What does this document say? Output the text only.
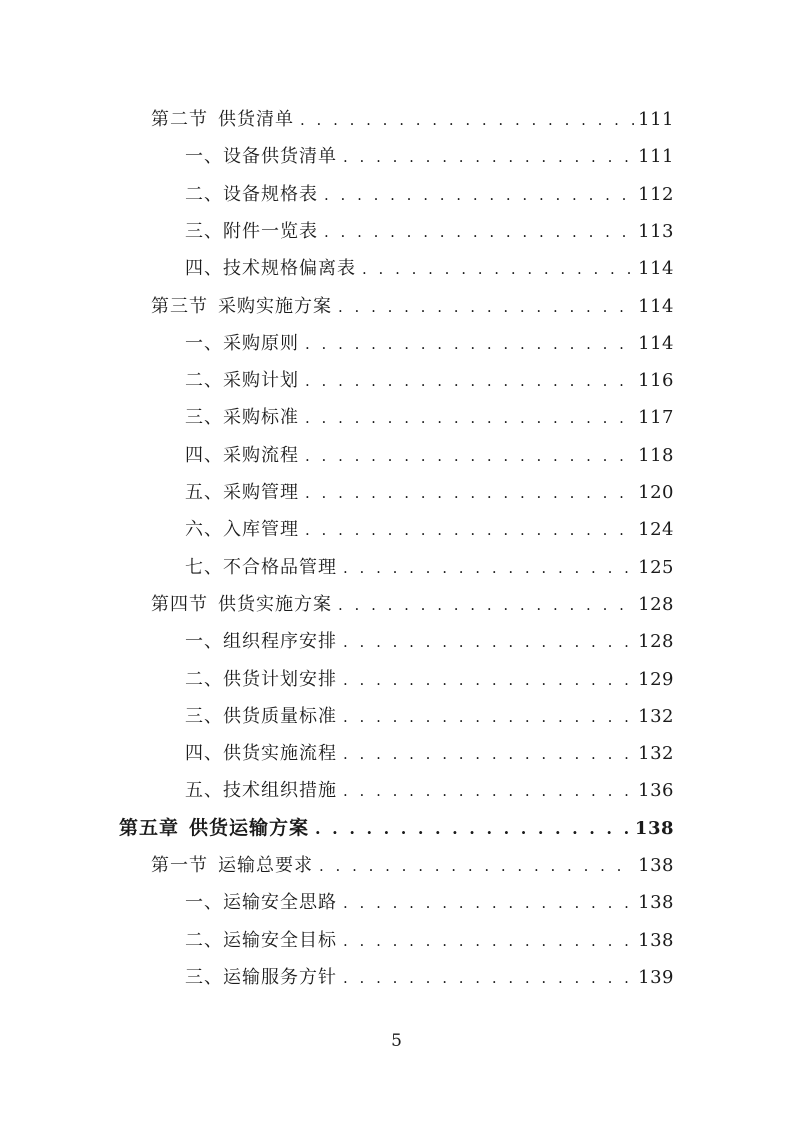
第二节 供货清单 . . .	111
一、设备供货清单 . . .	111
二、设备规格表 . . .	112
三、附件一览表 . . .	113
四、技术规格偏离表 . . .	114
第三节 采购实施方案 . . .	114
一、采购原则 . . .	114
二、采购计划 . . .	116
三、采购标准 . . .	117
四、采购流程 . . .	118
五、采购管理 . . .	120
六、入库管理 . . .	124
七、不合格品管理 . . .	125
第四节 供货实施方案 . . .	128
一、组织程序安排 . . .	128
二、供货计划安排 . . .	129
三、供货质量标准 . . .	132
四、供货实施流程 . . .	132
五、技术组织措施 . . .	136
第五章 供货运输方案 . . .	138
第一节 运输总要求 . . .	138
一、运输安全思路 . . .	138
二、运输安全目标 . . .	138
三、运输服务方针 . . .	139
5
